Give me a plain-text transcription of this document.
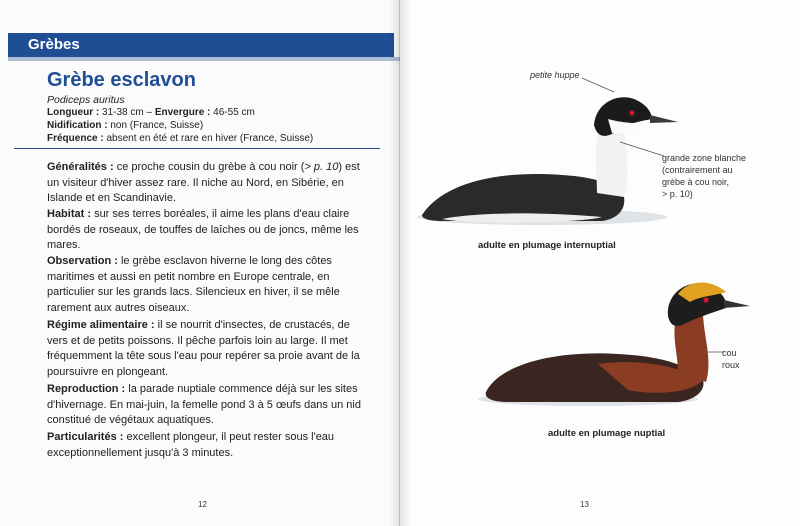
Grèbes
Grèbe esclavon
Podiceps auritus
Longueur : 31-38 cm – Envergure : 46-55 cm
Nidification : non (France, Suisse)
Fréquence : absent en été et rare en hiver (France, Suisse)
Généralités : ce proche cousin du grèbe à cou noir (> p. 10) est un visiteur d'hiver assez rare. Il niche au Nord, en Sibérie, en Islande et en Scandinavie.
Habitat : sur ses terres boréales, il aime les plans d'eau claire bordés de roseaux, de touffes de laîches ou de joncs, même les mares.
Observation : le grèbe esclavon hiverne le long des côtes maritimes et aussi en petit nombre en Europe centrale, en particulier sur les grands lacs. Silencieux en hiver, il se mêle rarement aux autres oiseaux.
Régime alimentaire : il se nourrit d'insectes, de crustacés, de vers et de petits poissons. Il pêche parfois loin au large. Il met fréquemment la tête sous l'eau pour repérer sa proie avant de la poursuivre en plongeant.
Reproduction : la parade nuptiale commence déjà sur les sites d'hivernage. En mai-juin, la femelle pond 3 à 5 œufs dans un nid constitué de végétaux aquatiques.
Particularités : excellent plongeur, il peut rester sous l'eau exceptionnellement jusqu'à 3 minutes.
12
petite huppe
grande zone blanche
(contrairement au
grèbe à cou noir,
> p. 10)
adulte en plumage internuptial
cou
roux
adulte en plumage nuptial
13
